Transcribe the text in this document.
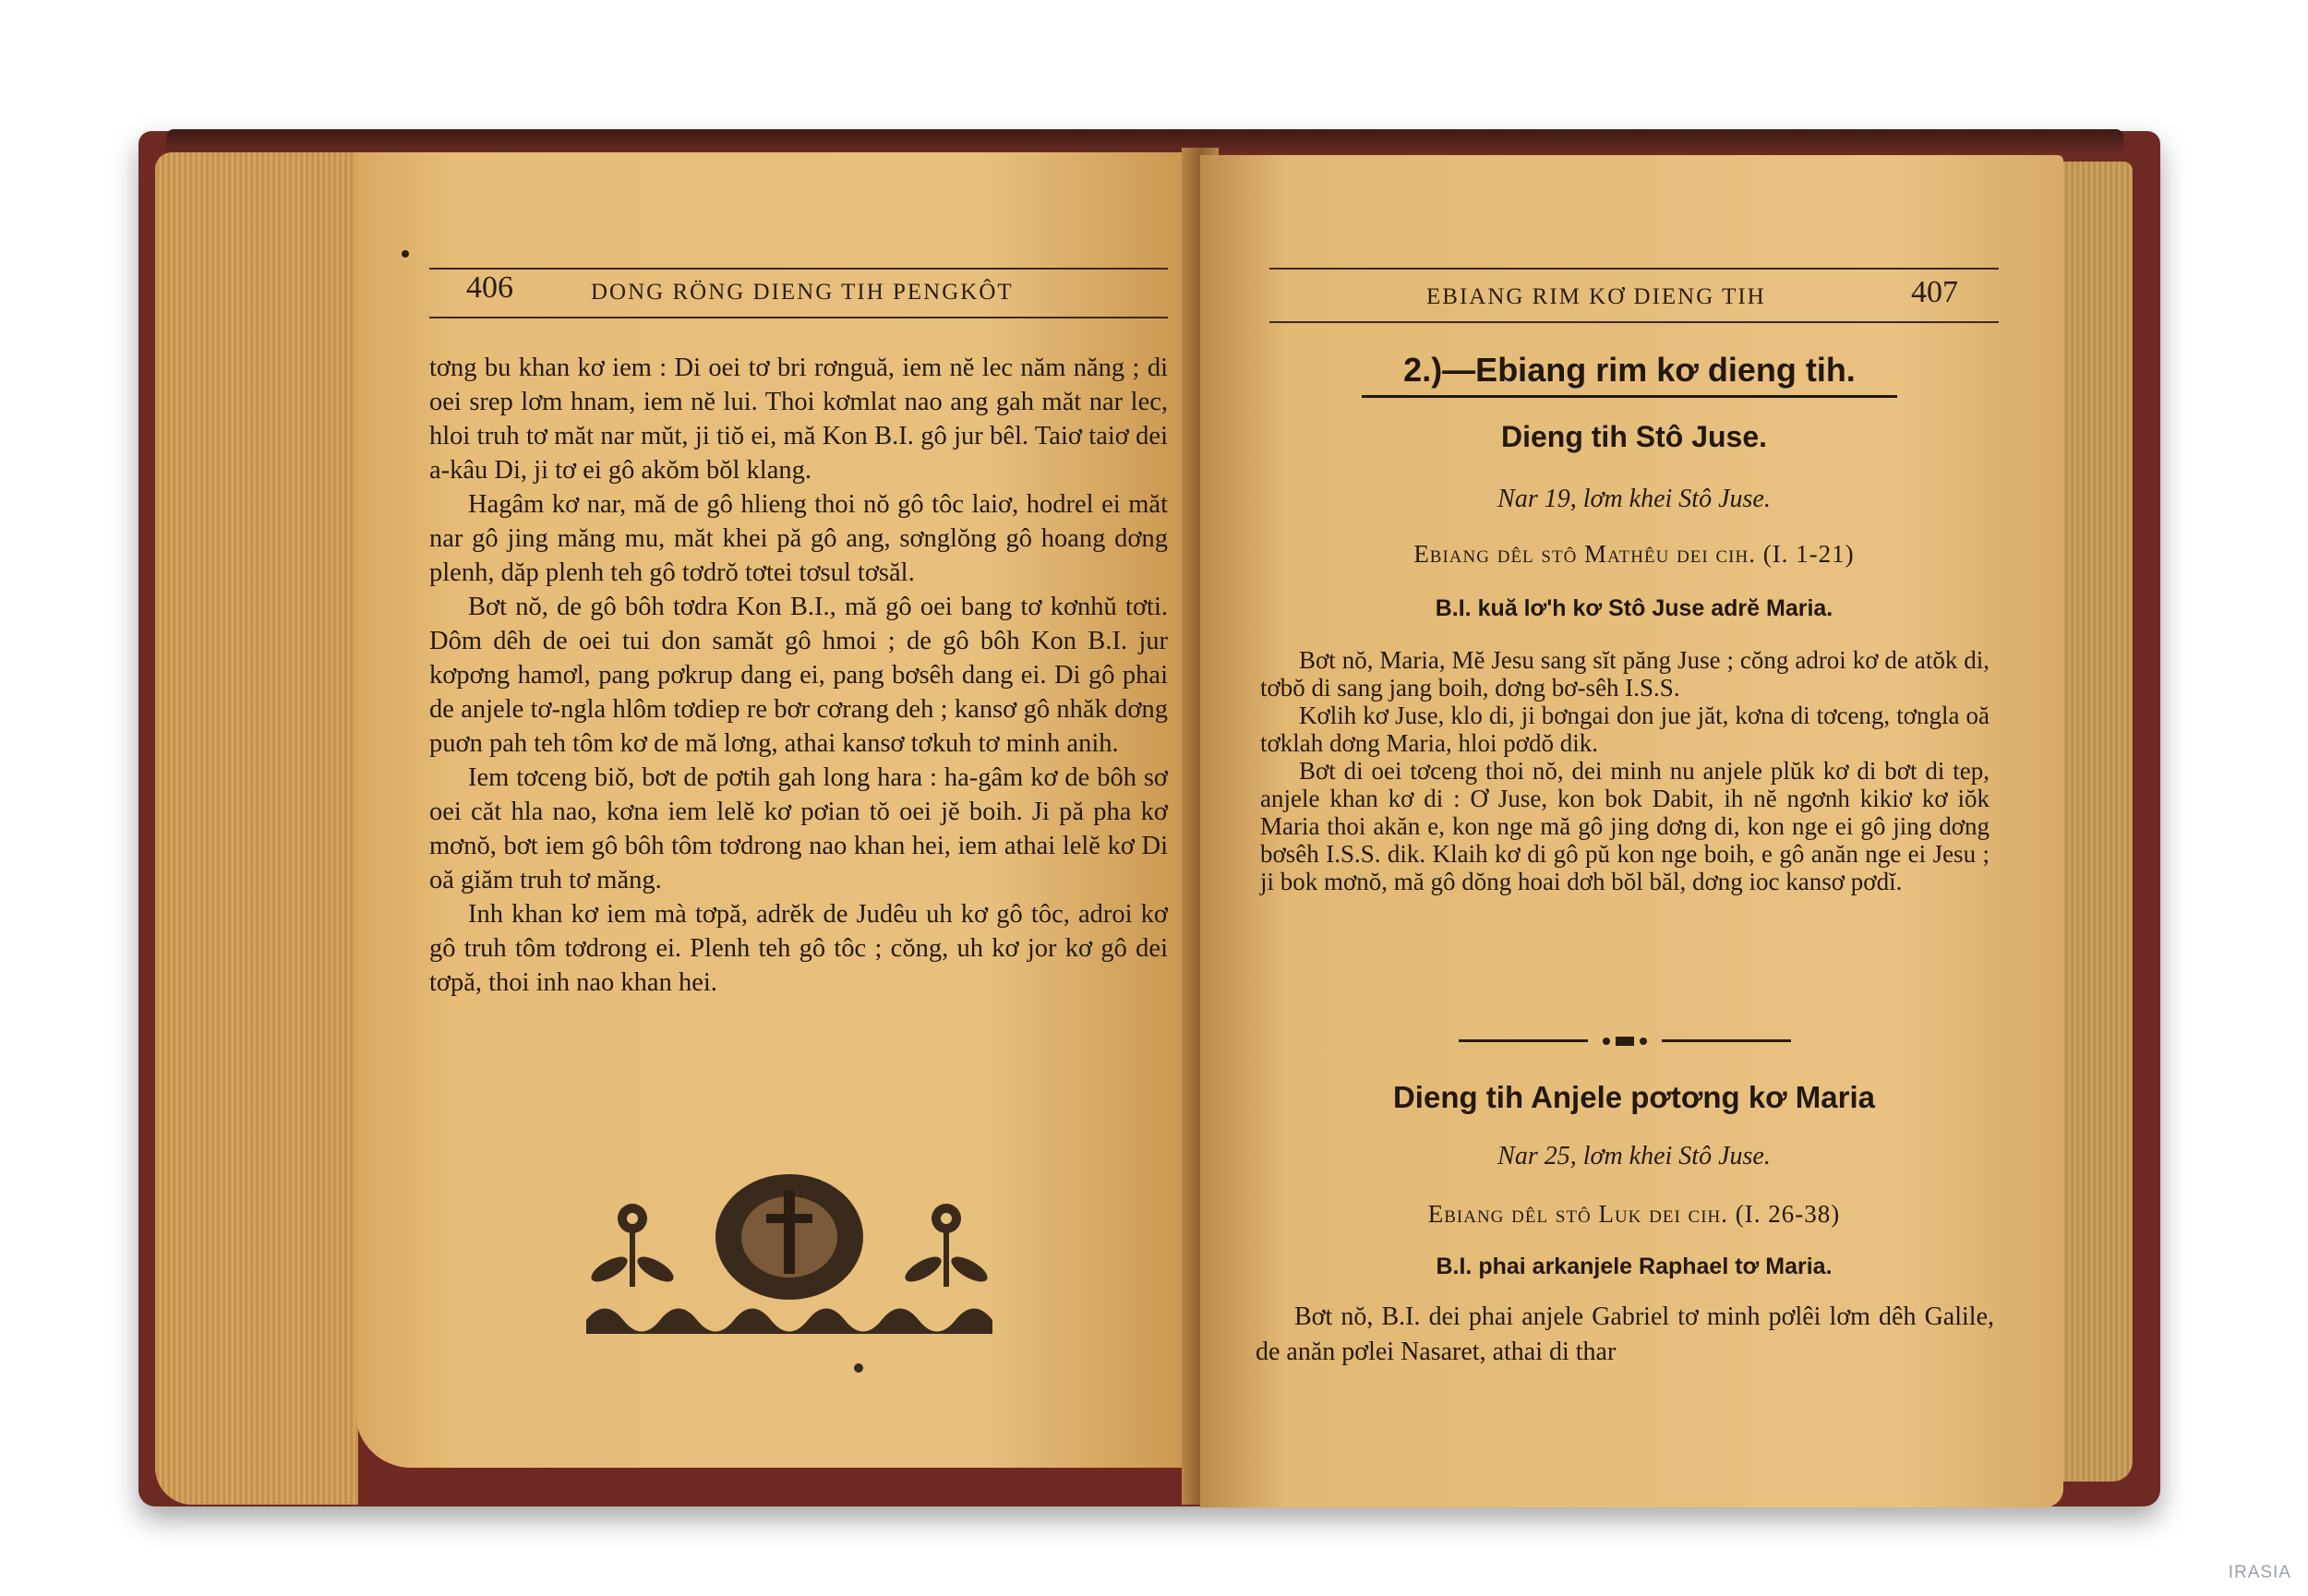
406	DONG RÖNG DIENG TIH PENGKÔT

tơng bu khan kơ iem : Di oei tơ bri rơnguă, iem nĕ lec năm năng ; di oei srep lơm hnam, iem nĕ lui. Thoi kơmlat nao ang gah măt nar lec, hloi truh tơ măt nar mŭt, ji tiŏ ei, mă Kon B.I. gô jur bêl. Taiơ taiơ dei a-kâu Di, ji tơ ei gô akŏm bŏl klang.

Hagâm kơ nar, mă de gô hlieng thoi nŏ gô tôc laiơ, hodrel ei măt nar gô jing măng mu, măt khei pă gô ang, sơnglŏng gô hoang dơng plenh, dăp plenh teh gô tơdrŏ tơtei tơsul tơsăl.

Bơt nŏ, de gô bôh tơdra Kon B.I., mă gô oei bang tơ kơnhŭ tơti. Dôm dêh de oei tui don samăt gô hmoi ; de gô bôh Kon B.I. jur kơpơng hamơl, pang pơkrup dang ei, pang bơsêh dang ei. Di gô phai de anjele tơ-ngla hlôm tơdiep re bơr cơrang deh ; kansơ gô nhăk dơng puơn pah teh tôm kơ de mă lơng, athai kansơ tơkuh tơ minh anih.

Iem tơceng biŏ, bơt de pơtih gah long hara : ha-gâm kơ de bôh sơ oei căt hla nao, kơna iem lelĕ kơ pơian tŏ oei jĕ boih. Ji pă pha kơ mơnŏ, bơt iem gô bôh tôm tơdrong nao khan hei, iem athai lelĕ kơ Di oă giăm truh tơ măng.

Inh khan kơ iem mà tơpă, adrĕk de Judêu uh kơ gô tôc, adroi kơ gô truh tôm tơdrong ei. Plenh teh gô tôc ; cŏng, uh kơ jor kơ gô dei tơpă, thoi inh nao khan hei.

EBIANG RIM KƠ DIENG TIH	407
2.)—Ebiang rim kơ dieng tih.
Dieng tih Stô Juse.
Nar 19, lơm khei Stô Juse.
Ebiang dêl stô Mathêu dei cih. (I. 1-21)
B.I. kuă lơ'h kơ Stô Juse adrĕ Maria.

Bơt nŏ, Maria, Mĕ Jesu sang sĭt păng Juse ; cŏng adroi kơ de atŏk di, tơbŏ di sang jang boih, dơng bơ-sêh I.S.S.

Kơlih kơ Juse, klo di, ji bơngai don jue jăt, kơna di tơceng, tơngla oă tơklah dơng Maria, hloi pơdŏ dik.

Bơt di oei tơceng thoi nŏ, dei minh nu anjele plŭk kơ di bơt di tep, anjele khan kơ di : Ơ Juse, kon bok Dabit, ih nĕ ngơnh kikiơ kơ iŏk Maria thoi akăn e, kon nge mă gô jing dơng di, kon nge ei gô jing dơng bơsêh I.S.S. dik. Klaih kơ di gô pŭ kon nge boih, e gô anăn nge ei Jesu ; ji bok mơnŏ, mă gô dŏng hoai dơh bŏl băl, dơng ioc kansơ pơdĭ.

Dieng tih Anjele pơtơng kơ Maria
Nar 25, lơm khei Stô Juse.
Ebiang dêl stô Luk dei cih. (I. 26-38)
B.I. phai arkanjele Raphael tơ Maria.

Bơt nŏ, B.I. dei phai anjele Gabriel tơ minh pơlêi lơm dêh Galile, de anăn pơlei Nasaret, athai di thar

IRASIA
